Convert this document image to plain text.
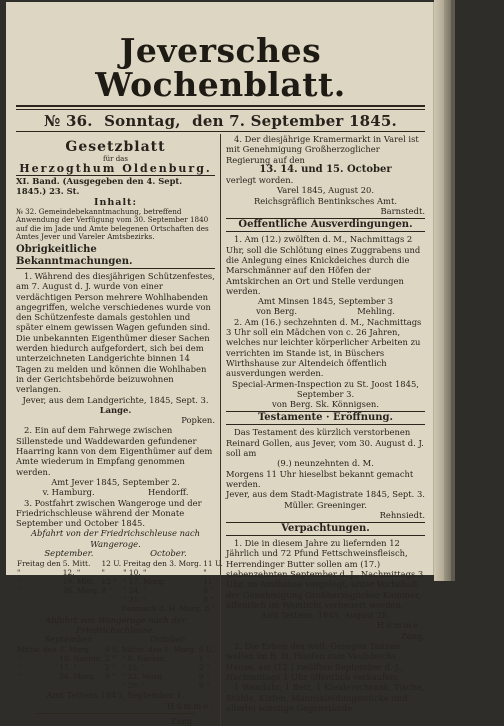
Jeversches Wochenblatt.
№ 36. Sonntag, den 7. September 1845.
Gesetzblatt
für das
Herzogthum Oldenburg.
XI. Band. (Ausgegeben den 4. Sept. 1845.) 23. St.
Inhalt:
№ 32. Gemeindebekanntmachung, betreffend Anwendung der Verfügung vom 30. September 1840 auf die im Jade und Amte belegenen Ortschaften des Amtes Jever und Vareler Amtsbezirks.
Obrigkeitliche Bekanntmachungen.

1. Während des diesjährigen Schützenfestes, am 7. August d. J. wurde von einer verdächtigen Person mehrere Wohlhabenden angegriffen, welche verschiedenes wurde von den Schützenfeste damals gestohlen und später einem gewissen Wagen gefunden sind. Die unbekannten Eigenthümer dieser Sachen werden hiedurch aufgefordert, sich bei dem unterzeichneten Landgerichte binnen 14 Tagen zu melden und können die Wohlhaben in der Gerichtsbehörde beizuwohnen verlangen.

Jever, aus dem Landgerichte, 1845, Sept. 3.
Lange.
Popken.

2. Ein auf dem Fahrwege zwischen Sillenstede und Waddewarden gefundener Haarring kann von dem Eigenthümer auf dem Amte wiederum in Empfang genommen werden.

Amt Jever 1845, September 2.
v. Hamburg.	Hendorff.

3. Postfahrt zwischen Wangeroge und der Friedrichschleuse während der Monate September und October 1845.

Abfahrt von der Friedrichschleuse nach Wangeroge.
September.	October.
Freitag den	5. Mitt.	12 U.	Freitag den 3. Morg.	11 U.
"	12. "	"	" 10. "	"
"	19. Mitt.	12 "	" 17. Morg.	11 "
"	26. Morg.	8 "	" 24. "	8 "
			" 31. "	8 "
Demnach d. H. Morg. 8 "
Abfahrt von Wangeroge nach der Friedrichschleuse.
September.	October.
Mittw. den	3. Morg.	9 U.	Mittw. den 1. Morg.	9 U.
"	10. Nachm.	2 "	" 8. Nachm.	1 "
"	17. "	2 "	" 15. "	2 "
"	24. Morg.	9 "	" 22. Morg.	9 "
			" 29. "	9 "
Amt Tettens 1845, September 1.
Hümme.
Zang.

4. Der diesjährige Kramermarkt in Varel ist mit Genehmigung Großherzoglicher Regierung auf den

13. 14. und 15. October
verlegt worden.
Varel 1845, August 20.
Reichsgräflich Bentinksches Amt.
Barnstedt.
Oeffentliche Ausverdingungen.

1. Am (12.) zwölften d. M., Nachmittags 2 Uhr, soll die Schlötung eines Zuggrabens und die Anlegung eines Knickdeiches durch die Marschmänner auf den Höfen der Amtskirchen an Ort und Stelle verdungen werden.

Amt Minsen 1845, September 3
von Berg.	Mehling.

2. Am (16.) sechzehnten d. M., Nachmittags 3 Uhr soll ein Mädchen von c. 26 Jahren, welches nur leichter körperlicher Arbeiten zu verrichten im Stande ist, in Büschers Wirthshause zur Altendeich öffentlich ausverdungen werden.

Special-Armen-Inspection zu St. Joost 1845, September 3.
von Berg. Sk. Könnigsen.
Testamente · Eröffnung.

Das Testament des kürzlich verstorbenen Reinard Gollen, aus Jever, vom 30. August d. J. soll am

(9.) neunzehnten d. M.
Morgens 11 Uhr hieselbst bekannt gemacht werden.
Jever, aus dem Stadt-Magistrate 1845, Sept. 3.
Müller. Greeninger.
Rehnsiedt.
Verpachtungen.

1. Die in diesem Jahre zu liefernden 12 Jährlich und 72 Pfund Fettschweinsfleisch, Herrendinger Butter sollen am (17.) siebenzehnten September d. J., Nachmittags 3 Uhr, im Amthause vorgelegt, unter Vorbehalt der Genehmigung Großherzoglicher Kammer, öffentlich im Weinlicht verheuert werden.

Amt Tettens, 1845, August 28.
Hümme.
Zang.

2. Die Erben des weil. Gesegen Tannen wollen im B. H. Hoofen zum Vaubdeichs Hause, am (12.) zwölften September d. J.,

Nachmittags 1 Uhr öffentlich verkaufen:

1 Wanduhr, 1 Bett, 1 Kleiderschrank, Tische, Stühle, Kisten, Mannskleidungsstücke und allerlei sonstige Gegenstände.
